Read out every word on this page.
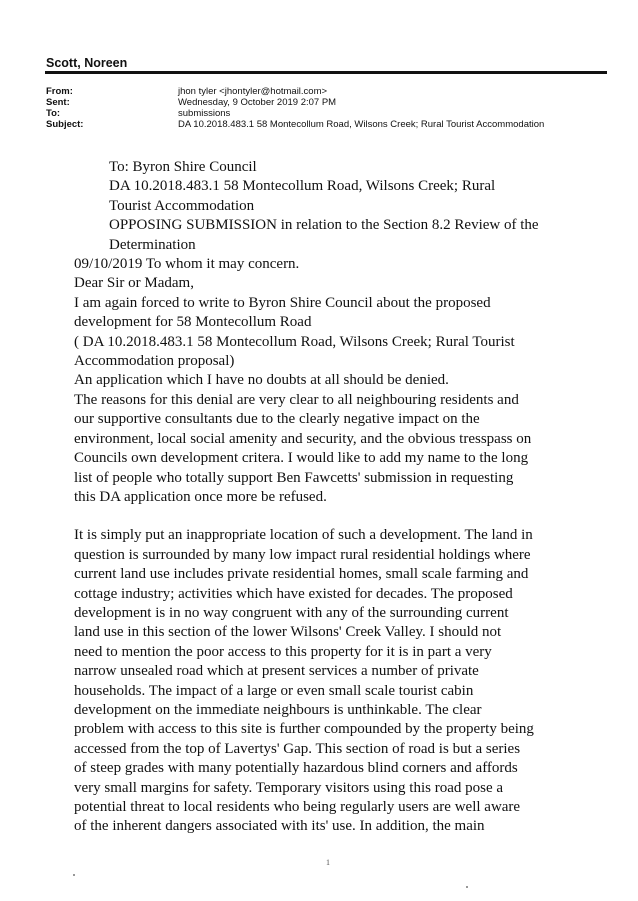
Scott, Noreen
From:	jhon tyler <jhontyler@hotmail.com>
Sent:	Wednesday, 9 October 2019 2:07 PM
To:	submissions
Subject:	DA 10.2018.483.1 58 Montecollum Road, Wilsons Creek; Rural Tourist Accommodation

To: Byron Shire Council

DA 10.2018.483.1 58 Montecollum Road, Wilsons Creek; Rural

Tourist Accommodation

OPPOSING SUBMISSION in relation to the Section 8.2 Review of the

Determination

09/10/2019 To whom it may concern.

Dear Sir or Madam,

I am again forced to write to Byron Shire Council about the proposed

development for 58 Montecollum Road

( DA 10.2018.483.1 58 Montecollum Road, Wilsons Creek; Rural Tourist

Accommodation proposal)

An application which I have no doubts at all should be denied.

The reasons for this denial are very clear to all neighbouring residents and

our supportive consultants due to the clearly negative impact on the

environment, local social amenity and security, and the obvious tresspass on

Councils own development critera. I would like to add my name to the long

list of people who totally support Ben Fawcetts' submission in requesting

this DA application once more be refused.

It is simply put an inappropriate location of such a development. The land in

question is surrounded by many low impact rural residential holdings where

current land use includes private residential homes, small scale farming and

cottage industry; activities which have existed for decades. The proposed

development is in no way congruent with any of the surrounding current

land use in this section of the lower Wilsons' Creek Valley. I should not

need to mention the poor access to this property for it is in part a very

narrow unsealed road which at present services a number of private

households. The impact of a large or even small scale tourist cabin

development on the immediate neighbours is unthinkable. The clear

problem with access to this site is further compounded by the property being

accessed from the top of Lavertys' Gap. This section of road is but a series

of steep grades with many potentially hazardous blind corners and affords

very small margins for safety. Temporary visitors using this road pose a

potential threat to local residents who being regularly users are well aware

of the inherent dangers associated with its' use. In addition, the main

1
